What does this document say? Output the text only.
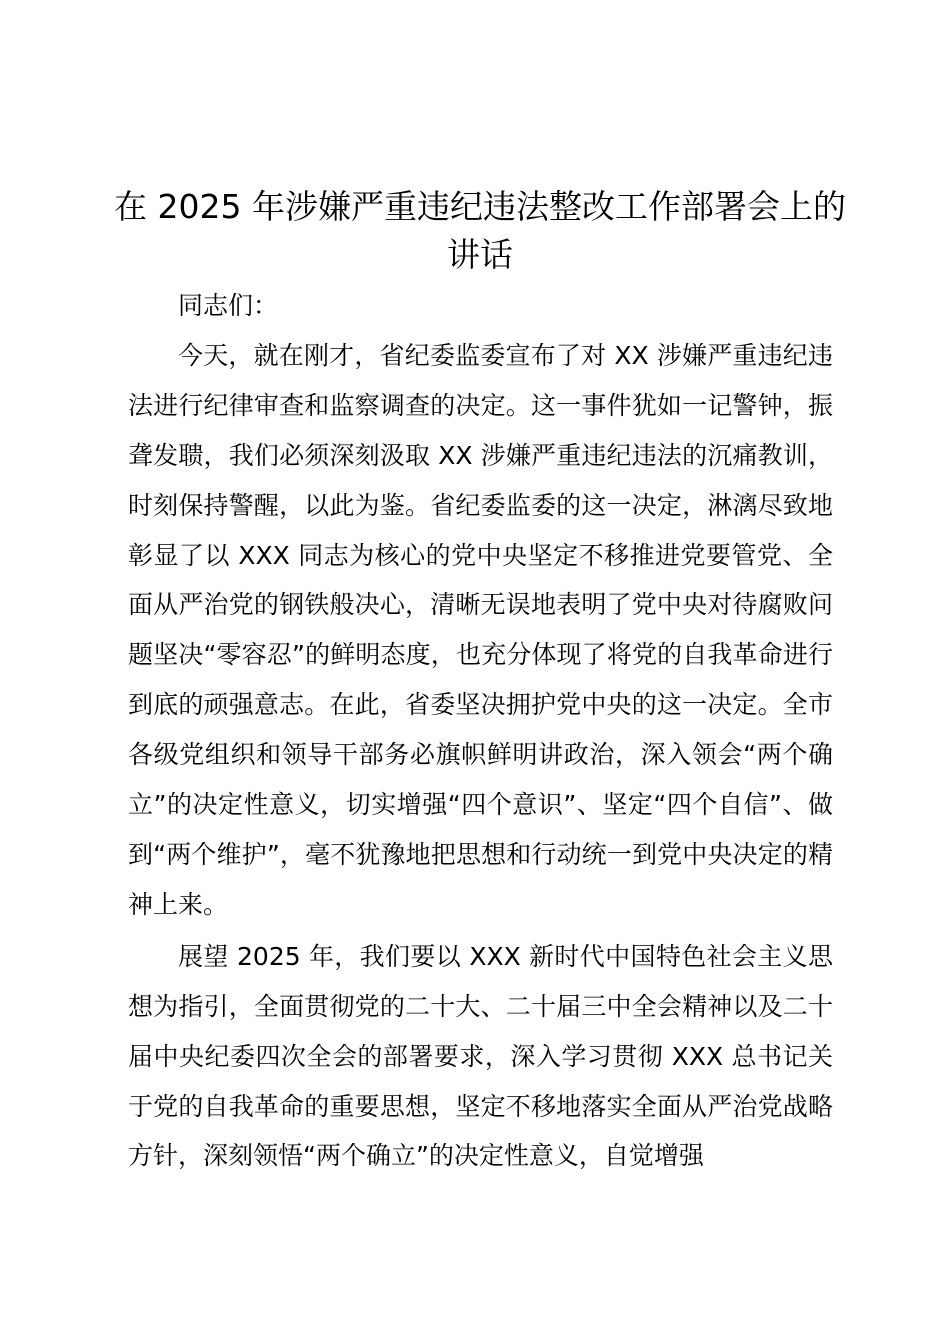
在 2025 年涉嫌严重违纪违法整改工作部署会上的讲话

同志们：

今天，就在刚才，省纪委监委宣布了对 XX 涉嫌严重违纪违法进行纪律审查和监察调查的决定。这一事件犹如一记警钟，振聋发聩，我们必须深刻汲取 XX 涉嫌严重违纪违法的沉痛教训，时刻保持警醒，以此为鉴。省纪委监委的这一决定，淋漓尽致地彰显了以 XXX 同志为核心的党中央坚定不移推进党要管党、全面从严治党的钢铁般决心，清晰无误地表明了党中央对待腐败问题坚决“零容忍”的鲜明态度，也充分体现了将党的自我革命进行到底的顽强意志。在此，省委坚决拥护党中央的这一决定。全市各级党组织和领导干部务必旗帜鲜明讲政治，深入领会“两个确立”的决定性意义，切实增强“四个意识”、坚定“四个自信”、做到“两个维护”，毫不犹豫地把思想和行动统一到党中央决定的精神上来。

展望 2025 年，我们要以 XXX 新时代中国特色社会主义思想为指引，全面贯彻党的二十大、二十届三中全会精神以及二十届中央纪委四次全会的部署要求，深入学习贯彻 XXX 总书记关于党的自我革命的重要思想，坚定不移地落实全面从严治党战略方针，深刻领悟“两个确立”的决定性意义，自觉增强
